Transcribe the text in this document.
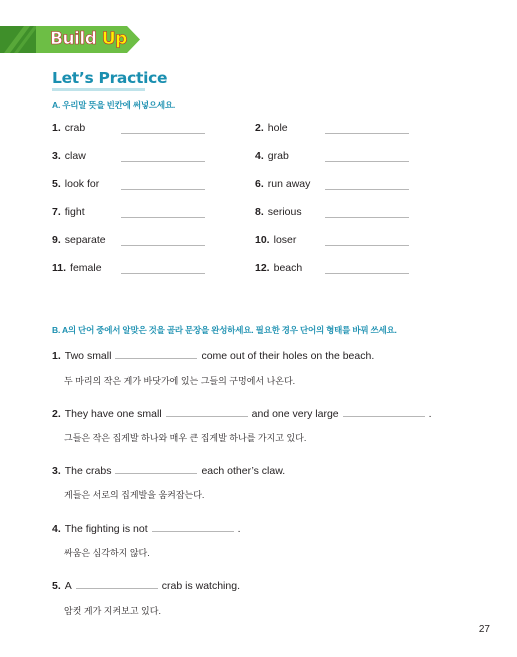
Build Up
Let’s Practice
A. 우리말 뜻을 빈칸에 써넣으세요.
1. crab	2. hole
3. claw	4. grab
5. look for	6. run away
7. fight	8. serious
9. separate	10. loser
11. female	12. beach
B. A의 단어 중에서 알맞은 것을 골라 문장을 완성하세요. 필요한 경우 단어의 형태를 바꿔 쓰세요.
1. Two small	come out of their holes on the beach.
두 마리의 작은 게가 바닷가에 있는 그들의 구멍에서 나온다.
2. They have one small	and one very large	.
그들은 작은 집게발 하나와 매우 큰 집게발 하나를 가지고 있다.
3. The crabs	each other’s claw.
게들은 서로의 집게발을 움켜잡는다.
4. The fighting is not	.
싸움은 심각하지 않다.
5. A	crab is watching.
암컷 게가 지켜보고 있다.
27
